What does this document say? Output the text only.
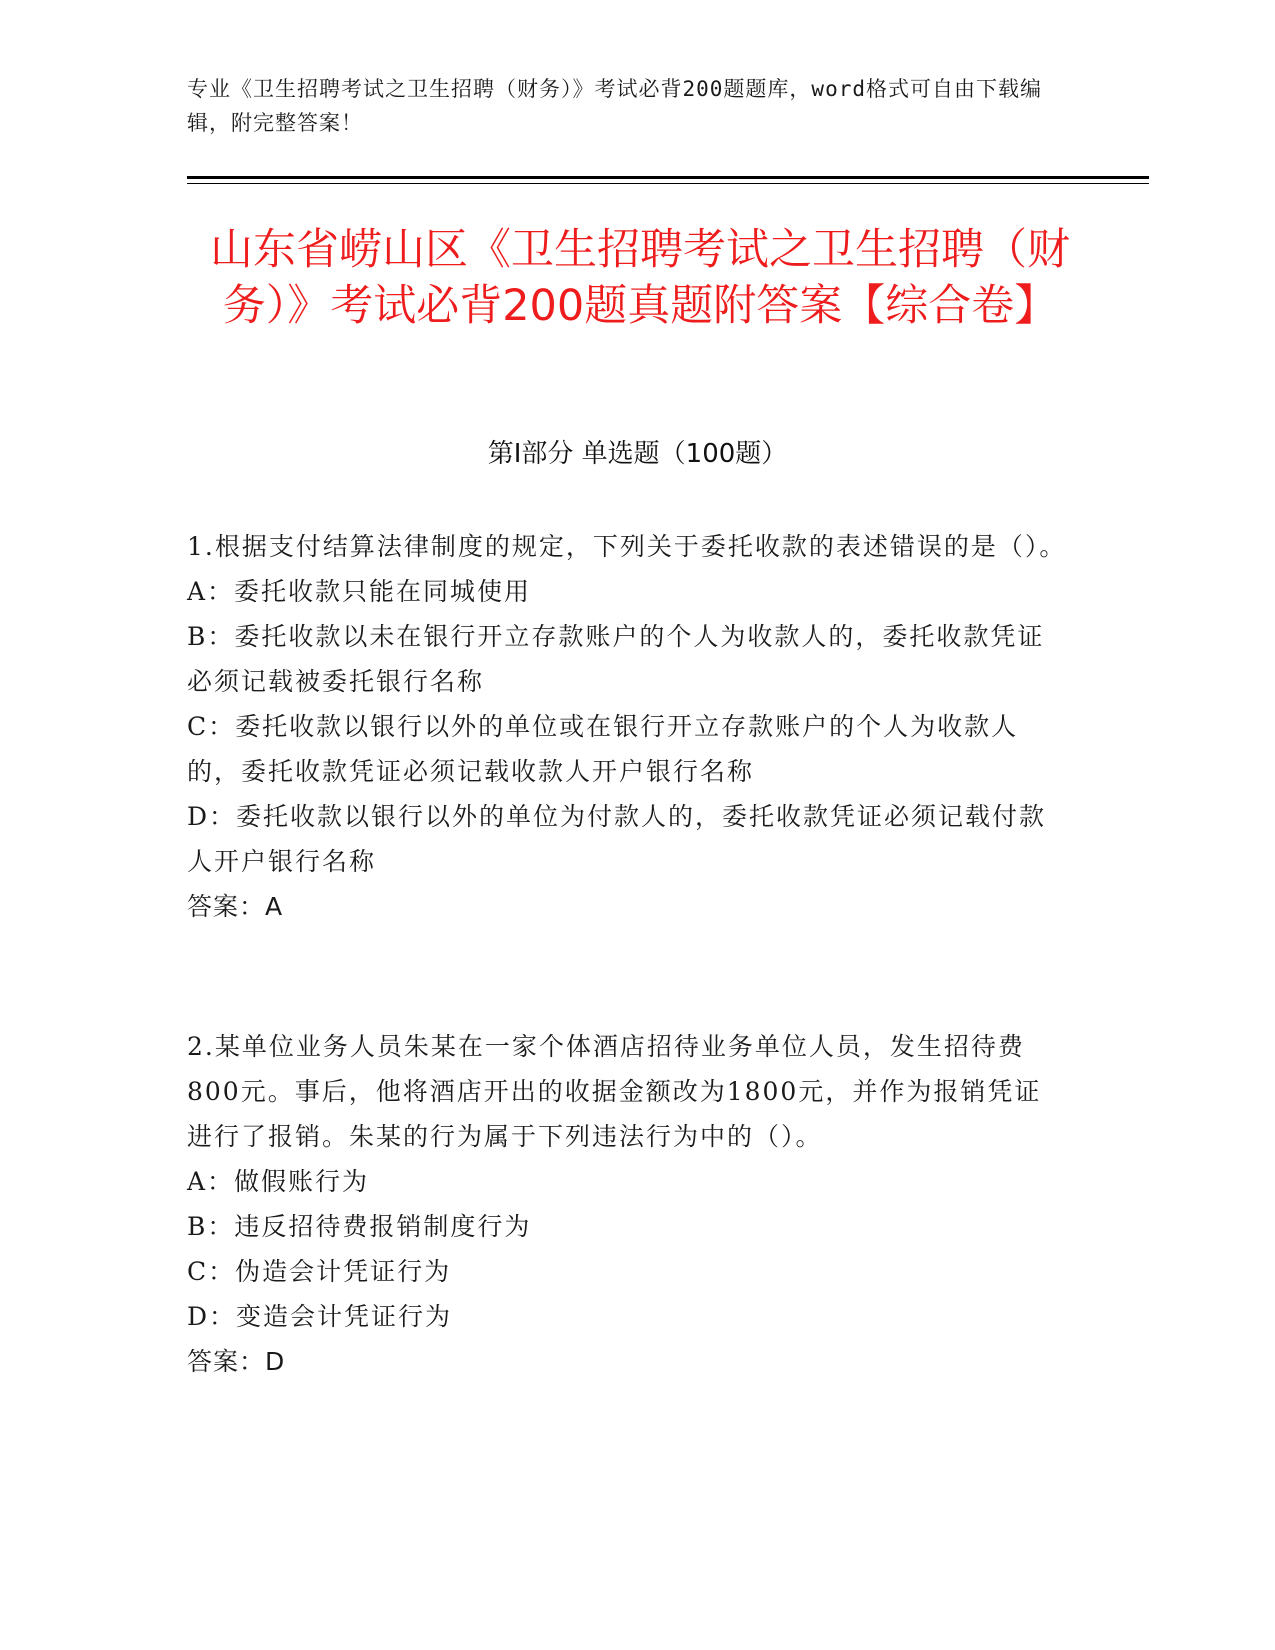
专业《卫生招聘考试之卫生招聘（财务）》考试必背200题题库，word格式可自由下载编辑，附完整答案！
山东省崂山区《卫生招聘考试之卫生招聘（财务）》考试必背200题真题附答案【综合卷】
第Ⅰ部分 单选题（100题）
1.根据支付结算法律制度的规定，下列关于委托收款的表述错误的是（）。
A：委托收款只能在同城使用
B：委托收款以未在银行开立存款账户的个人为收款人的，委托收款凭证必须记载被委托银行名称
C：委托收款以银行以外的单位或在银行开立存款账户的个人为收款人的，委托收款凭证必须记载收款人开户银行名称
D：委托收款以银行以外的单位为付款人的，委托收款凭证必须记载付款人开户银行名称
答案：A
2.某单位业务人员朱某在一家个体酒店招待业务单位人员，发生招待费800元。事后，他将酒店开出的收据金额改为1800元，并作为报销凭证进行了报销。朱某的行为属于下列违法行为中的（）。
A：做假账行为
B：违反招待费报销制度行为
C：伪造会计凭证行为
D：变造会计凭证行为
答案：D
